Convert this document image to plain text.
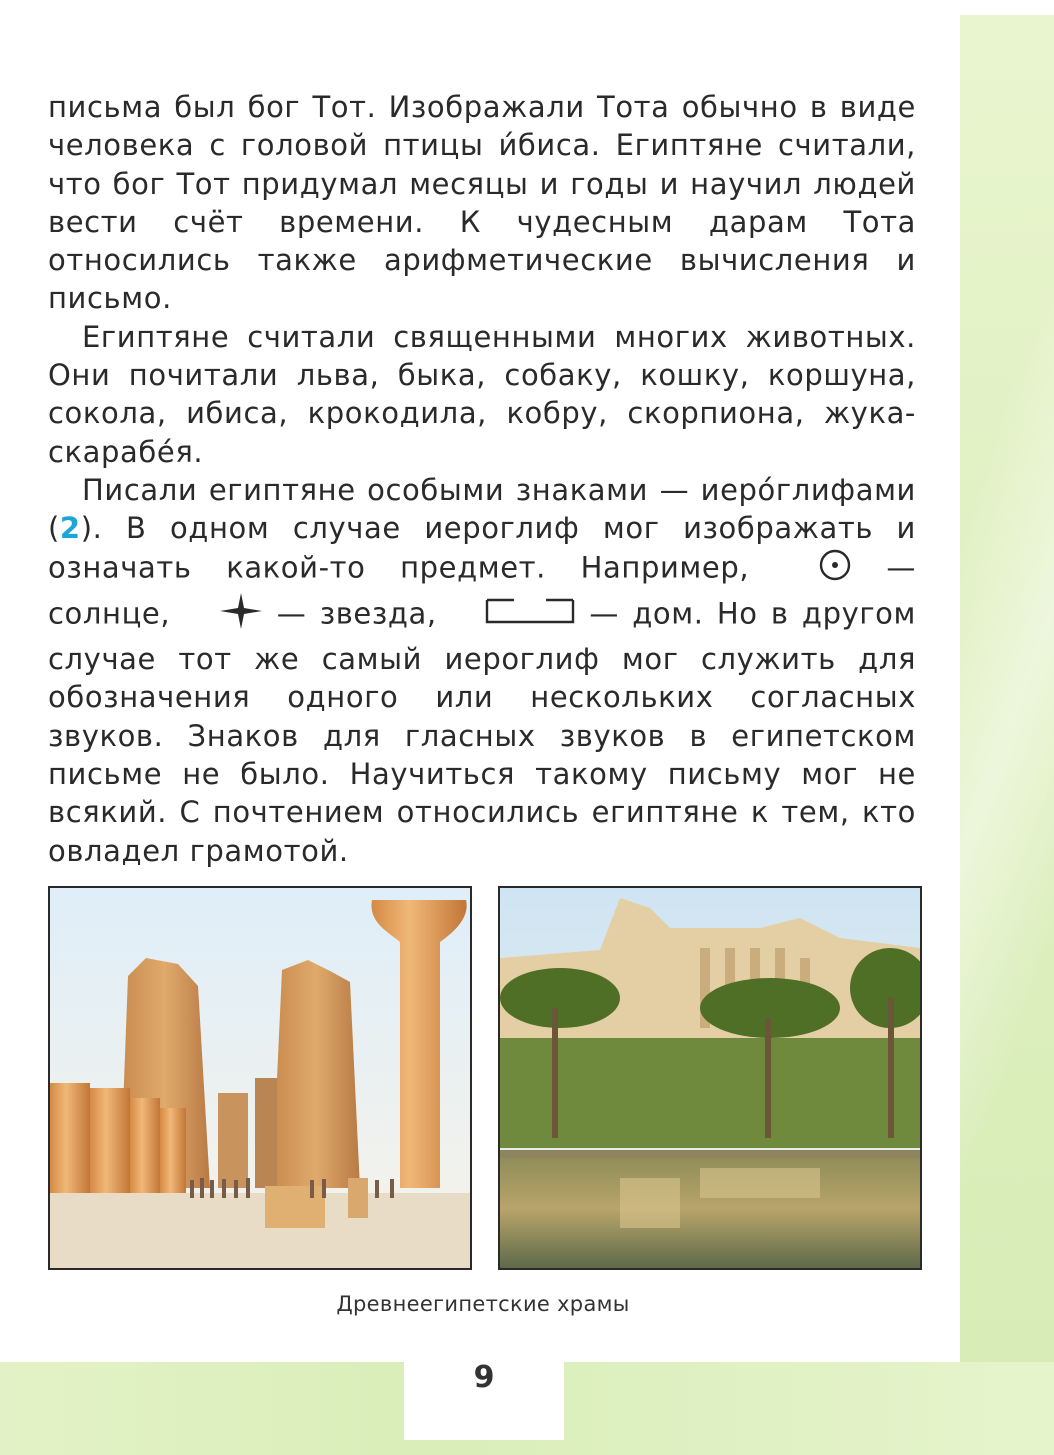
письма был бог Тот. Изображали Тота обычно в виде человека с головой птицы и́биса. Египтяне считали, что бог Тот придумал месяцы и годы и научил людей вести счёт времени. К чудесным дарам Тота относились также арифметические вычисления и письмо.

Египтяне считали священными многих животных. Они почитали льва, быка, собаку, кошку, коршуна, сокола, ибиса, крокодила, кобру, скорпиона, жука-скарабе́я.

Писали египтяне особыми знаками — иеро́глифами (2). В одном случае иероглиф мог изображать и означать какой-то предмет. Например,  — солнце,	— звезда,	— дом. Но в другом случае тот же самый иероглиф мог служить для обозначения одного или нескольких согласных звуков. Знаков для гласных звуков в египетском письме не было. Научиться такому письму мог не всякий. С почтением относились египтяне к тем, кто овладел грамотой.

Древнеегипетские храмы
9
